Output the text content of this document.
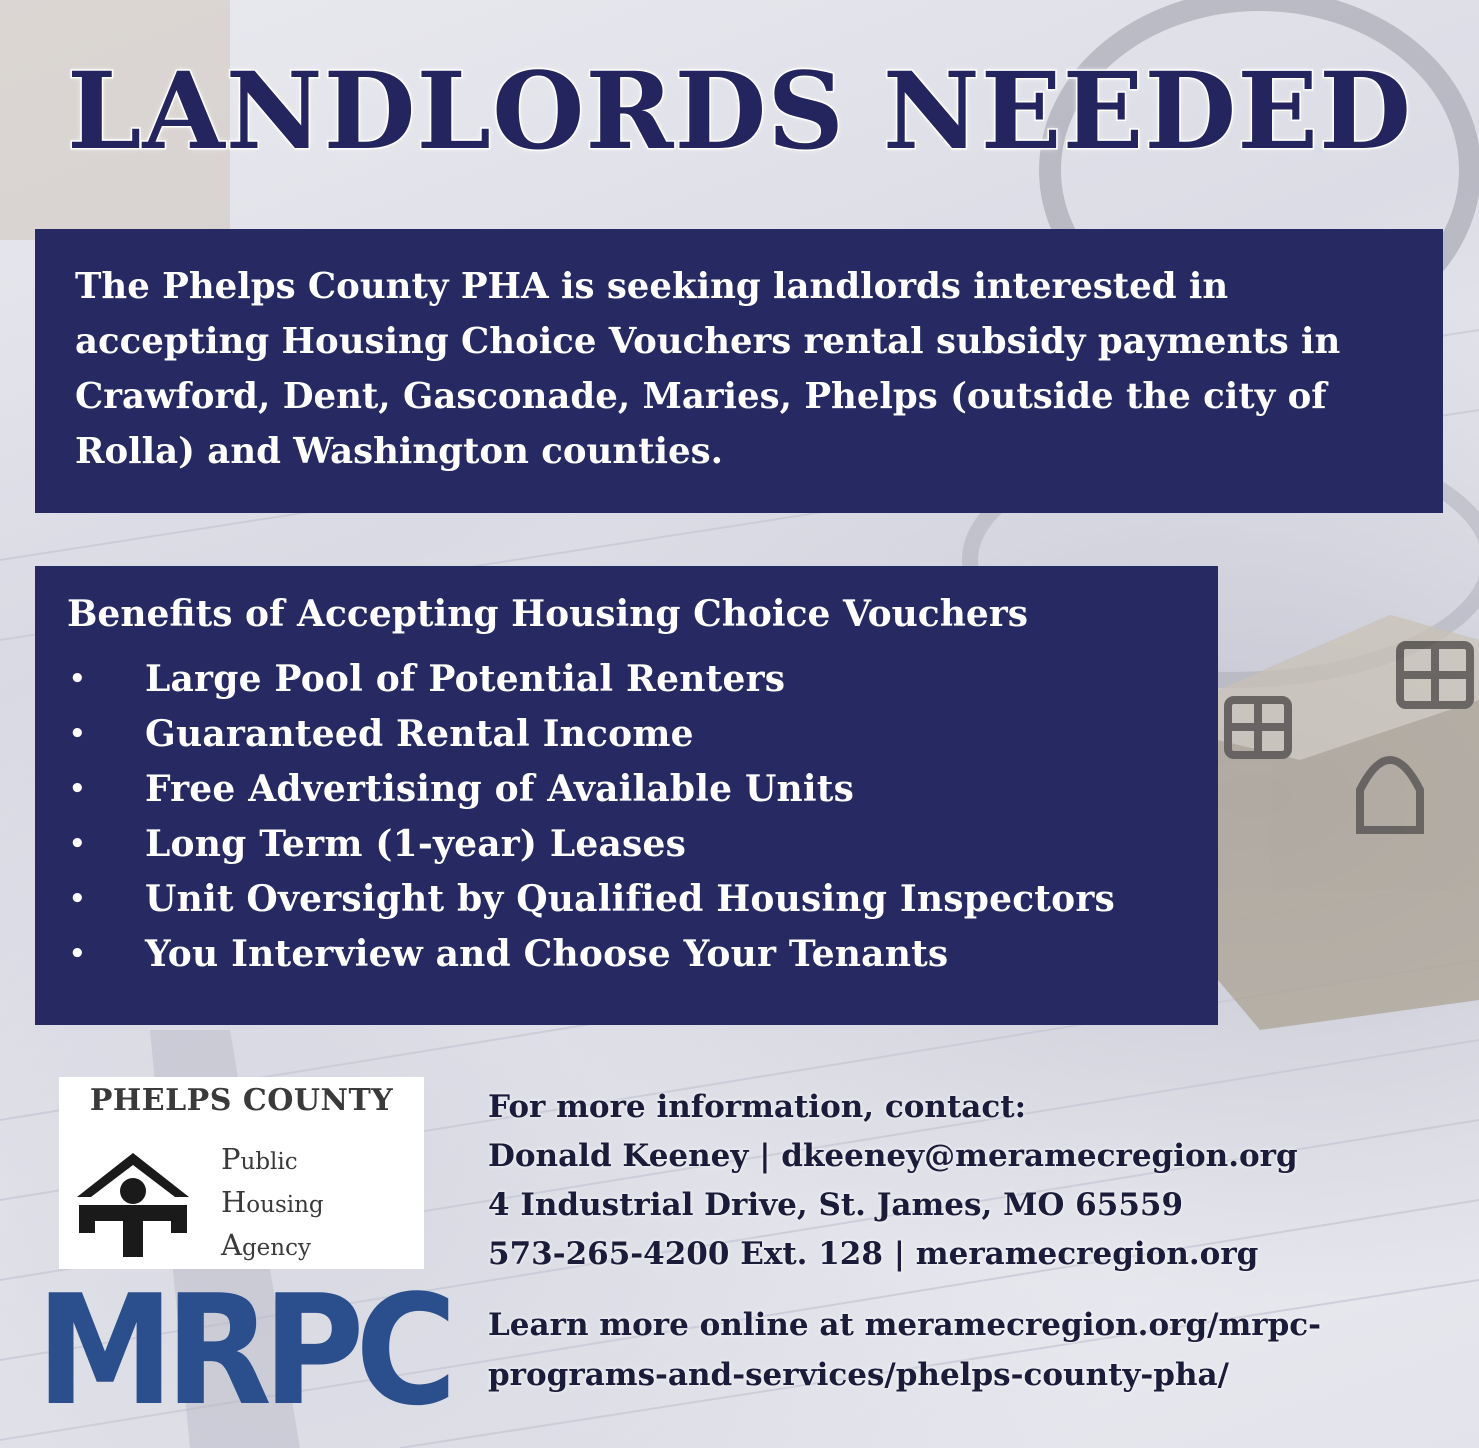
LANDLORDS NEEDED

The Phelps County PHA is seeking landlords interested in accepting Housing Choice Vouchers rental subsidy payments in Crawford, Dent, Gasconade, Maries, Phelps (outside the city of Rolla) and Washington counties.

Benefits of Accepting Housing Choice Vouchers
•	Large Pool of Potential Renters
•	Guaranteed Rental Income
•	Free Advertising of Available Units
•	Long Term (1-year) Leases
•	Unit Oversight by Qualified Housing Inspectors
•	You Interview and Choose Your Tenants
PHELPS COUNTY
Public
Housing
Agency
MRPC

For more information, contact:

Donald Keeney | dkeeney@meramecregion.org

4 Industrial Drive, St. James, MO 65559

573-265-4200 Ext. 128 | meramecregion.org

Learn more online at meramecregion.org/mrpc-

programs-and-services/phelps-county-pha/
